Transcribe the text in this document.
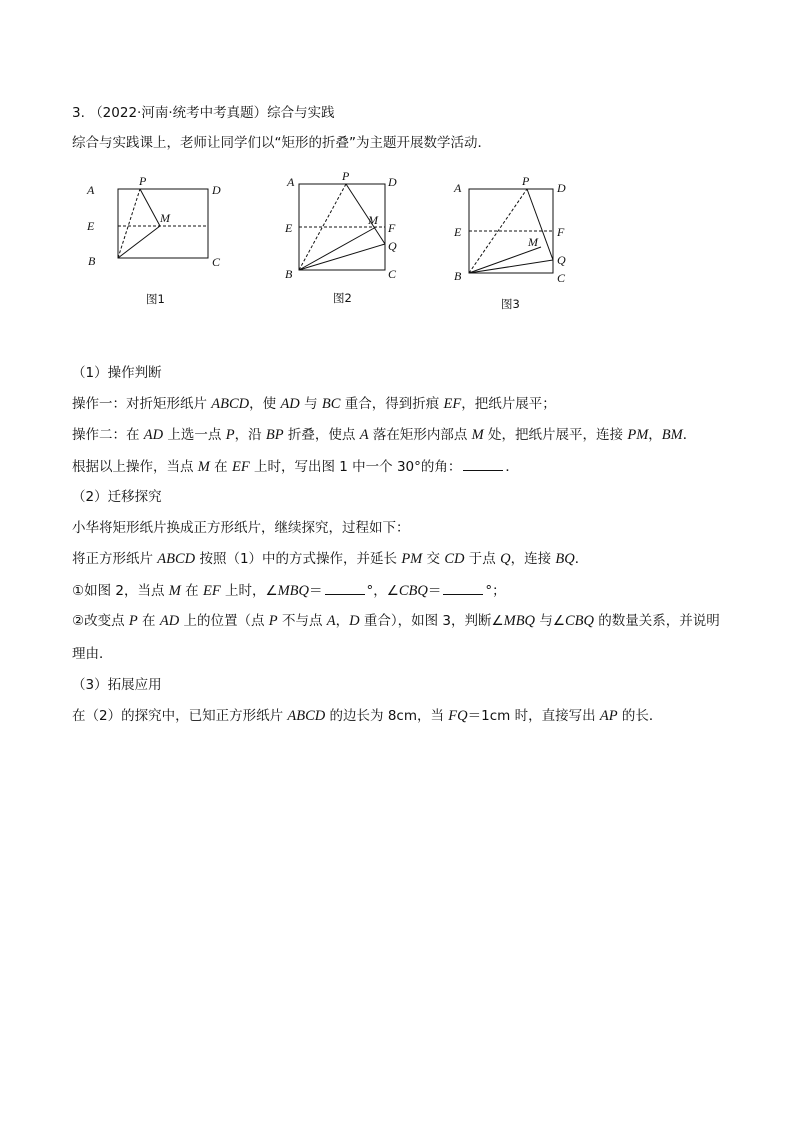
3. （2022·河南·统考中考真题）综合与实践
综合与实践课上，老师让同学们以“矩形的折叠”为主题开展数学活动．
A
P
D
M
E
B	C
图1
A	P	D
M
F
E
Q
B	C
图2
A	P D
E	F
M
Q
B	C
图3
（1）操作判断
操作一：对折矩形纸片 ABCD，使 AD 与 BC 重合，得到折痕 EF，把纸片展平；
操作二：在 AD 上选一点 P，沿 BP 折叠，使点 A 落在矩形内部点 M 处，把纸片展平，连接 PM，BM．
根据以上操作，当点 M 在 EF 上时，写出图 1 中一个 30°的角：	．
（2）迁移探究
小华将矩形纸片换成正方形纸片，继续探究，过程如下：
将正方形纸片 ABCD 按照（1）中的方式操作，并延长 PM 交 CD 于点 Q，连接 BQ．
①如图 2，当点 M 在 EF 上时，∠MBQ＝	°，∠CBQ＝	°；
②改变点 P 在 AD 上的位置（点 P 不与点 A，D 重合），如图 3，判断∠MBQ 与∠CBQ 的数量关系，并说明
理由．
（3）拓展应用
在（2）的探究中，已知正方形纸片 ABCD 的边长为 8cm，当 FQ＝1cm 时，直接写出 AP 的长．
